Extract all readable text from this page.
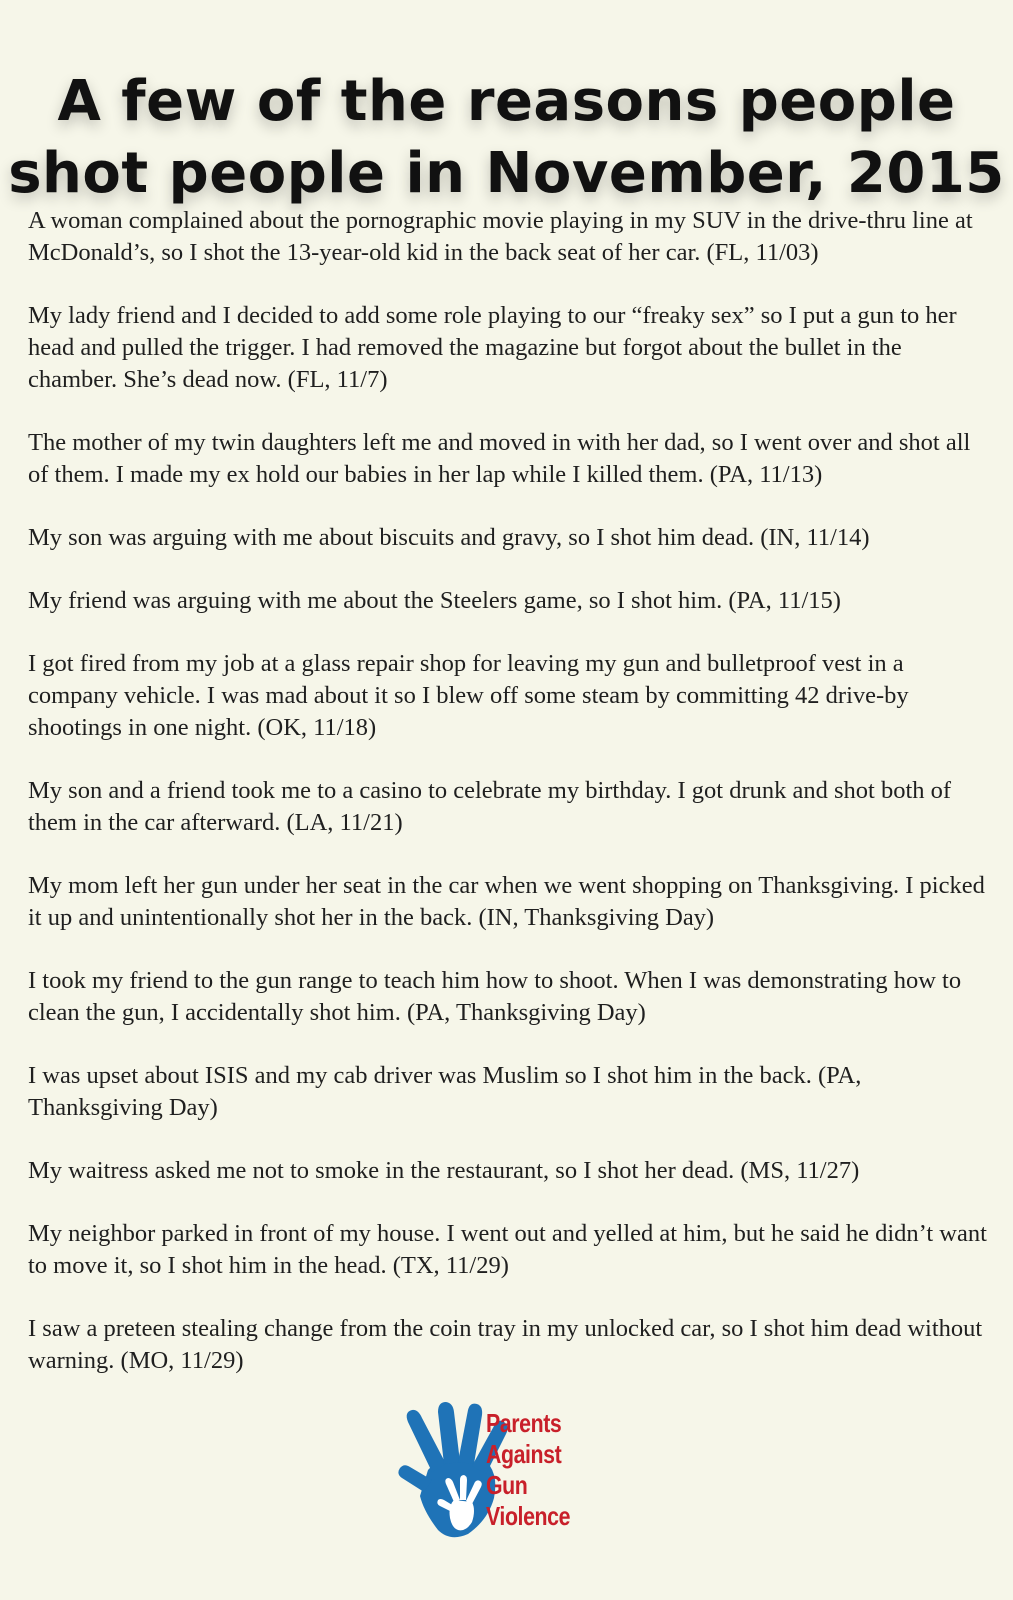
A few of the reasons people
shot people in November, 2015

A woman complained about the pornographic movie playing in my SUV in the drive-thru line at McDonald’s, so I shot the 13-year-old kid in the back seat of her car. (FL, 11/03)

My lady friend and I decided to add some role playing to our “freaky sex” so I put a gun to her head and pulled the trigger. I had removed the magazine but forgot about the bullet in the chamber. She’s dead now. (FL, 11/7)

The mother of my twin daughters left me and moved in with her dad, so I went over and shot all of them. I made my ex hold our babies in her lap while I killed them. (PA, 11/13)

My son was arguing with me about biscuits and gravy, so I shot him dead. (IN, 11/14)

My friend was arguing with me about the Steelers game, so I shot him. (PA, 11/15)

I got fired from my job at a glass repair shop for leaving my gun and bulletproof vest in a company vehicle. I was mad about it so I blew off some steam by committing 42 drive-by shootings in one night. (OK, 11/18)

My son and a friend took me to a casino to celebrate my birthday. I got drunk and shot both of them in the car afterward. (LA, 11/21)

My mom left her gun under her seat in the car when we went shopping on Thanksgiving. I picked it up and unintentionally shot her in the back. (IN, Thanksgiving Day)

I took my friend to the gun range to teach him how to shoot. When I was demonstrating how to clean the gun, I accidentally shot him. (PA, Thanksgiving Day)

I was upset about ISIS and my cab driver was Muslim so I shot him in the back. (PA, Thanksgiving Day)

My waitress asked me not to smoke in the restaurant, so I shot her dead. (MS, 11/27)

My neighbor parked in front of my house. I went out and yelled at him, but he said he didn’t want to move it, so I shot him in the head. (TX, 11/29)

I saw a preteen stealing change from the coin tray in my unlocked car, so I shot him dead without warning. (MO, 11/29)

Parents
Against
Gun
Violence
